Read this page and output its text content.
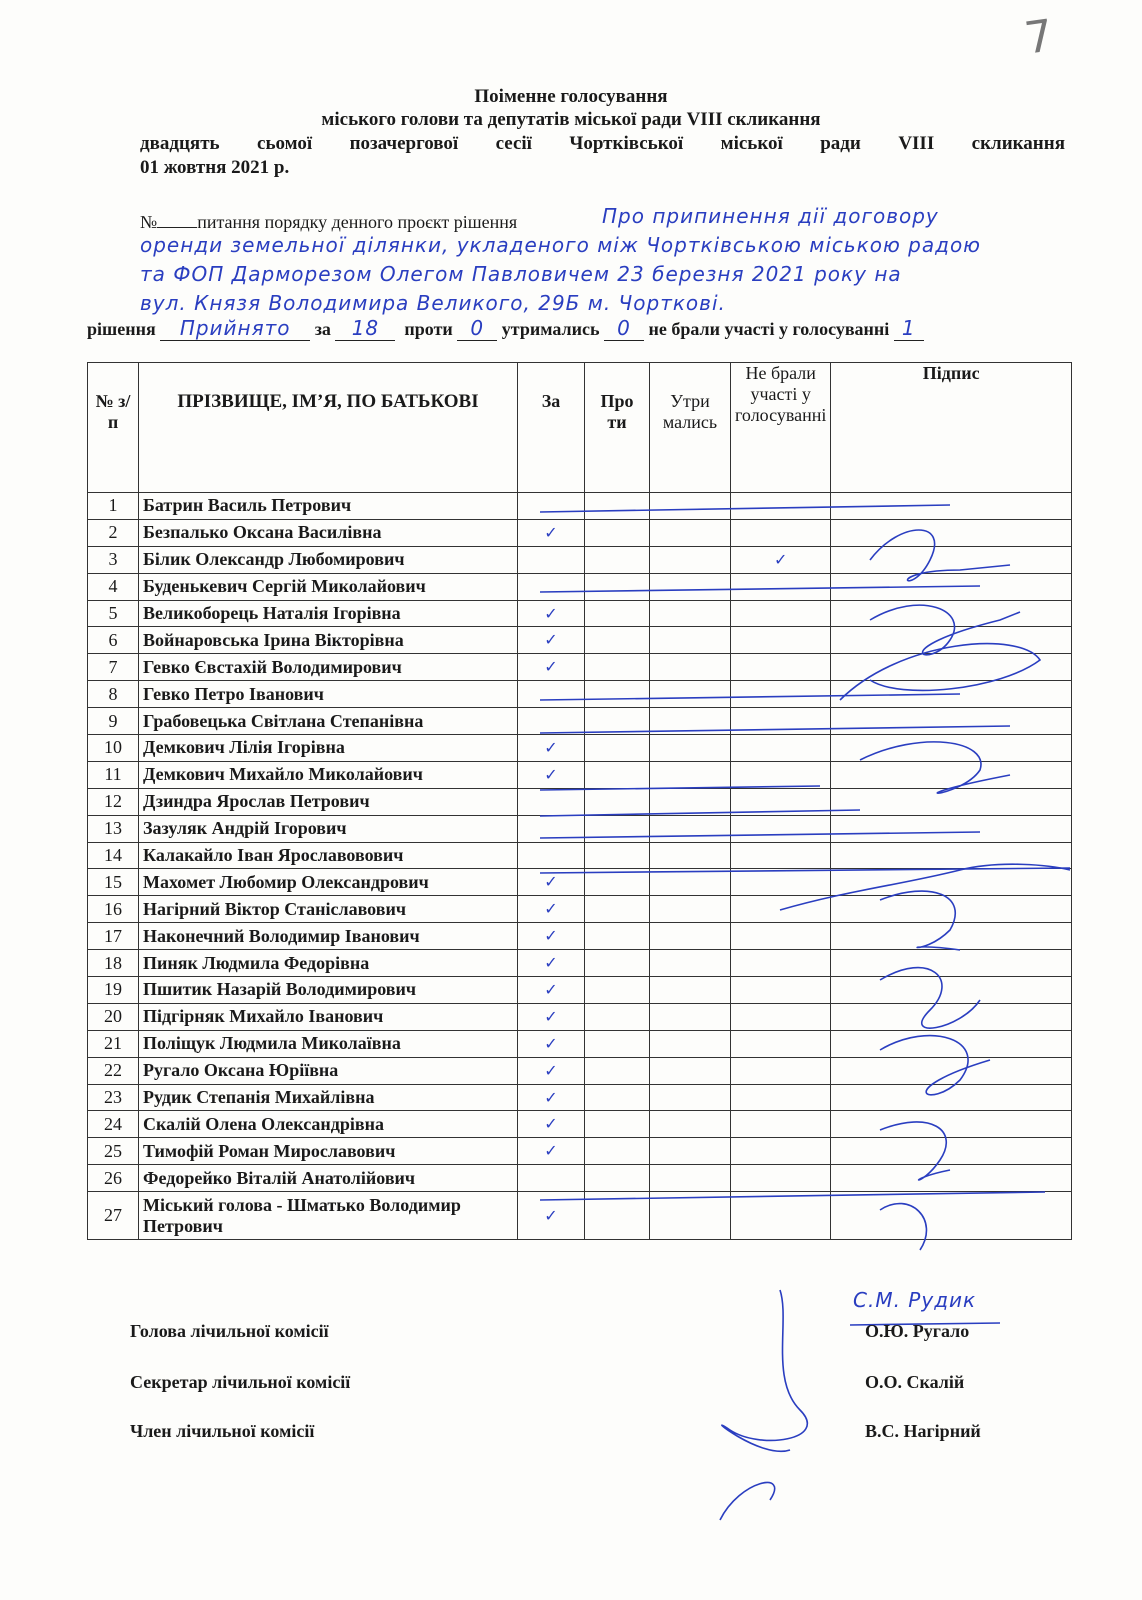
7
Поіменне голосування
міського голови та депутатів міської ради VIII скликання
двадцять сьомої позачергової сесії Чортківської міської ради VIII скликання
01 жовтня 2021 р.
№ питання порядку денного проєкт рішення	Про припинення дії договору
оренди земельної ділянки, укладеного між Чортківською міською радою
та ФОП Дарморезом Олегом Павловичем 23 березня 2021 року на
вул. Князя Володимира Великого, 29Б м. Чорткові.
рішення Прийнято за 18 проти 0 утримались 0 не брали участі у голосуванні 1
№ з/п	ПРІЗВИЩЕ, ІМ’Я, ПО БАТЬКОВІ	За	Про ти	Утри мались	Не брали участі у голосуванні	Підпис
1	Батрин Василь Петрович					
2	Безпалько Оксана Василівна	✓				
3	Білик Олександр Любомирович				✓	
4	Буденькевич Сергій Миколайович					
5	Великоборець Наталія Ігорівна	✓				
6	Войнаровська Ірина Вікторівна	✓				
7	Гевко Євстахій Володимирович	✓				
8	Гевко Петро Іванович					
9	Грабовецька Світлана Степанівна					
10	Демкович Лілія Ігорівна	✓				
11	Демкович Михайло Миколайович	✓				
12	Дзиндра Ярослав Петрович					
13	Зазуляк Андрій Ігорович					
14	Калакайло Іван Ярославовович					
15	Махомет Любомир Олександрович	✓				
16	Нагірний Віктор Станіславович	✓				
17	Наконечний Володимир Іванович	✓				
18	Пиняк Людмила Федорівна	✓				
19	Пшитик Назарій Володимирович	✓				
20	Підгірняк Михайло Іванович	✓				
21	Поліщук Людмила Миколаївна	✓				
22	Ругало Оксана Юріївна	✓				
23	Рудик Степанія Михайлівна	✓				
24	Скалій Олена Олександрівна	✓				
25	Тимофій Роман Мирославович	✓				
26	Федорейко Віталій Анатолійович					
27	Міський голова - Шматько Володимир Петрович	✓				
С.М. Рудик
Голова лічильної комісії	О.Ю. Ругало
Секретар лічильної комісії	О.О. Скалій
Член лічильної комісії	В.С. Нагірний
